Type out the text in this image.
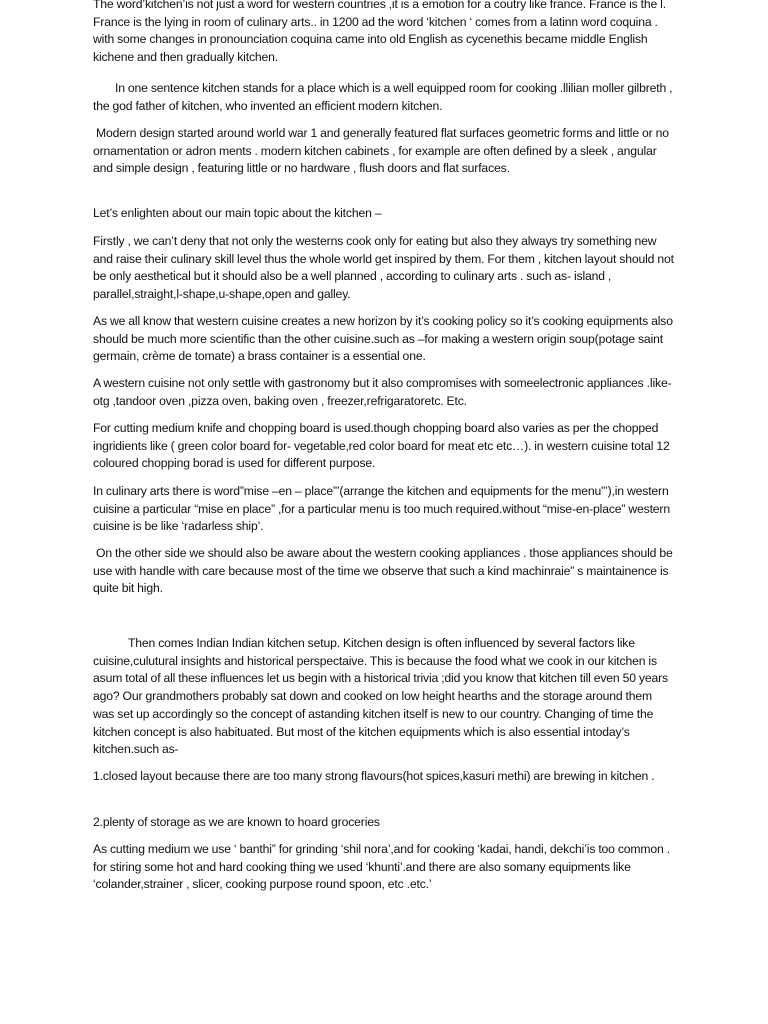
The word’kitchen’is not just a word for western countries ,it is a emotion for a coutry like france. France is the l. France is the lying in room of culinary arts.. in 1200 ad the word ‘kitchen ‘ comes from a latinn word coquina . with some changes in pronounciation coquina came into old English as cycenethis became middle English kichene and then gradually kitchen.

In one sentence kitchen stands for a place which is a well equipped room for cooking .llilian moller gilbreth , the god father of kitchen, who invented an efficient modern kitchen.

Modern design started around world war 1 and generally featured flat surfaces geometric forms and little or no ornamentation or adron ments . modern kitchen cabinets , for example are often defined by a sleek , angular and simple design , featuring little or no hardware , flush doors and flat surfaces.

Let’s enlighten about our main topic about the kitchen –

Firstly , we can’t deny that not only the westerns cook only for eating but also they always try something new and raise their culinary skill level thus the whole world get inspired by them. For them , kitchen layout should not be only aesthetical but it should also be a well planned , according to culinary arts . such as- island , parallel,straight,l-shape,u-shape,open and galley.

As we all know that western cuisine creates a new horizon by it’s cooking policy so it’s cooking equipments also should be much more scientific than the other cuisine.such as –for making a western origin soup(potage saint germain, crème de tomate) a brass container is a essential one.

A western cuisine not only settle with gastronomy but it also compromises with someelectronic appliances .like- otg ,tandoor oven ,pizza oven, baking oven , freezer,refrigaratoretc. Etc.

For cutting medium knife and chopping board is used.though chopping board also varies as per the chopped ingridients like ( green color board for- vegetable,red color board for meat etc etc…). in western cuisine total 12 coloured chopping borad is used for different purpose.

In culinary arts there is word”mise –en – place”’(arrange the kitchen and equipments for the menu”’),in western cuisine a particular “mise en place” ,for a particular menu is too much required.without “mise-en-place” western cuisine is be like ‘radarless ship’.

On the other side we should also be aware about the western cooking appliances . those appliances should be use with handle with care because most of the time we observe that such a kind machinraie” s maintainence is quite bit high.

Then comes Indian Indian kitchen setup. Kitchen design is often influenced by several factors like cuisine,culutural insights and historical perspectaive. This is because the food what we cook in our kitchen is asum total of all these influences let us begin with a historical trivia ;did you know that kitchen till even 50 years ago? Our grandmothers probably sat down and cooked on low height hearths and the storage around them was set up accordingly so the concept of astanding kitchen itself is new to our country. Changing of time the kitchen concept is also habituated. But most of the kitchen equipments which is also essential intoday’s kitchen.such as-

1.closed layout because there are too many strong flavours(hot spices,kasuri methi) are brewing in kitchen .

2.plenty of storage as we are known to hoard groceries

As cutting medium we use ‘ banthi” for grinding ‘shil nora’,and for cooking ‘kadai, handi, dekchi’is too common . for stiring some hot and hard cooking thing we used ‘khunti’.and there are also somany equipments like ‘colander,strainer , slicer, cooking purpose round spoon, etc .etc.’
